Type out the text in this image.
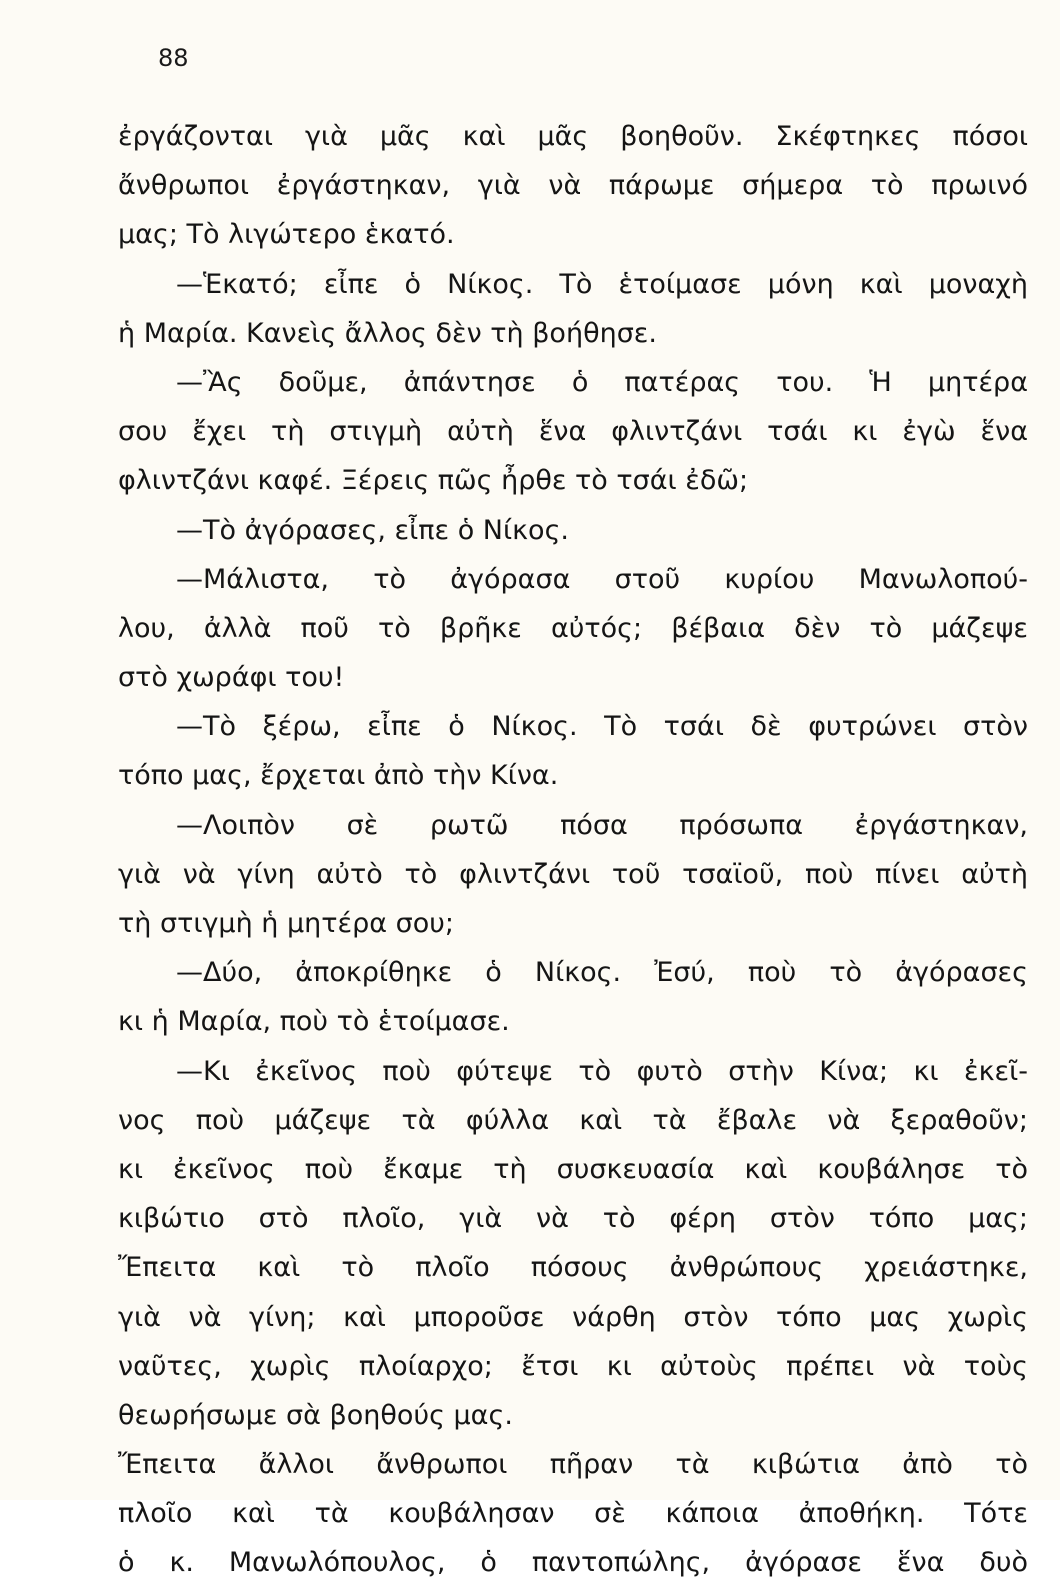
88
ἐργάζονται γιὰ μᾶς καὶ μᾶς βοηθοῦν. Σκέφτηκες πόσοι
ἄνθρωποι ἐργάστηκαν, γιὰ νὰ πάρωμε σήμερα τὸ πρωινό
μας; Τὸ λιγώτερο ἑκατό.
—Ἑκατό; εἶπε ὁ Νίκος. Τὸ ἑτοίμασε μόνη καὶ μοναχὴ
ἡ Μαρία. Κανεὶς ἄλλος δὲν τὴ βοήθησε.
—Ἂς δοῦμε, ἀπάντησε ὁ πατέρας του. Ἡ μητέρα
σου ἔχει τὴ στιγμὴ αὐτὴ ἕνα φλιντζάνι τσάι κι ἐγὼ ἕνα
φλιντζάνι καφέ. Ξέρεις πῶς ἦρθε τὸ τσάι ἐδῶ;
—Τὸ ἀγόρασες, εἶπε ὁ Νίκος.
—Μάλιστα, τὸ ἀγόρασα στοῦ κυρίου Μανωλοπού-
λου, ἀλλὰ ποῦ τὸ βρῆκε αὐτός; βέβαια δὲν τὸ μάζεψε
στὸ χωράφι του!
—Τὸ ξέρω, εἶπε ὁ Νίκος. Τὸ τσάι δὲ φυτρώνει στὸν
τόπο μας, ἔρχεται ἀπὸ τὴν Κίνα.
—Λοιπὸν σὲ ρωτῶ πόσα πρόσωπα ἐργάστηκαν,
γιὰ νὰ γίνη αὐτὸ τὸ φλιντζάνι τοῦ τσαϊοῦ, ποὺ πίνει αὐτὴ
τὴ στιγμὴ ἡ μητέρα σου;
—Δύο, ἀποκρίθηκε ὁ Νίκος. Ἐσύ, ποὺ τὸ ἀγόρασες
κι ἡ Μαρία, ποὺ τὸ ἑτοίμασε.
—Κι ἐκεῖνος ποὺ φύτεψε τὸ φυτὸ στὴν Κίνα; κι ἐκεῖ-
νος ποὺ μάζεψε τὰ φύλλα καὶ τὰ ἔβαλε νὰ ξεραθοῦν;
κι ἐκεῖνος ποὺ ἔκαμε τὴ συσκευασία καὶ κουβάλησε τὸ
κιβώτιο στὸ πλοῖο, γιὰ νὰ τὸ φέρη στὸν τόπο μας;
Ἔπειτα καὶ τὸ πλοῖο πόσους ἀνθρώπους χρειάστηκε,
γιὰ νὰ γίνη; καὶ μποροῦσε νάρθη στὸν τόπο μας χωρὶς
ναῦτες, χωρὶς πλοίαρχο; ἔτσι κι αὐτοὺς πρέπει νὰ τοὺς
θεωρήσωμε σὰ βοηθούς μας.
Ἔπειτα ἄλλοι ἄνθρωποι πῆραν τὰ κιβώτια ἀπὸ τὸ
πλοῖο καὶ τὰ κουβάλησαν σὲ κάποια ἀποθήκη. Τότε
ὁ κ. Μανωλόπουλος, ὁ παντοπώλης, ἀγόρασε ἕνα δυὸ
